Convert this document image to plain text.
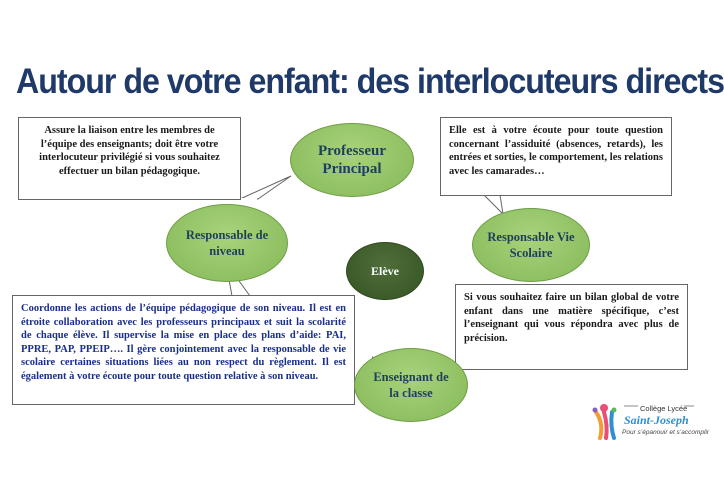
Autour de votre enfant: des interlocuteurs directs
Assure la liaison entre les membres de l’équipe des enseignants; doit être votre interlocuteur privilégié si vous souhaitez effectuer un bilan pédagogique.
Elle est à votre écoute pour toute question concernant l’assiduité (absences, retards), les entrées et sorties, le comportement, les relations avec les camarades…
Coordonne les actions de l’équipe pédagogique de son niveau. Il est en étroite collaboration avec les professeurs principaux et suit la scolarité de chaque élève. Il supervise la mise en place des plans d’aide: PAI, PPRE, PAP, PPEIP…. Il gère conjointement avec la responsable de vie scolaire certaines situations liées au non respect du règlement. Il est également à votre écoute pour toute question relative à son niveau.
Si vous souhaitez faire un bilan global de votre enfant dans une matière spécifique, c’est l’enseignant qui vous répondra avec plus de précision.
Professeur Principal
Responsable de niveau
Elève
Responsable Vie Scolaire
Enseignant de la classe
Collège Lycée
Saint-Joseph
Pour s’épanouir et s’accomplir
